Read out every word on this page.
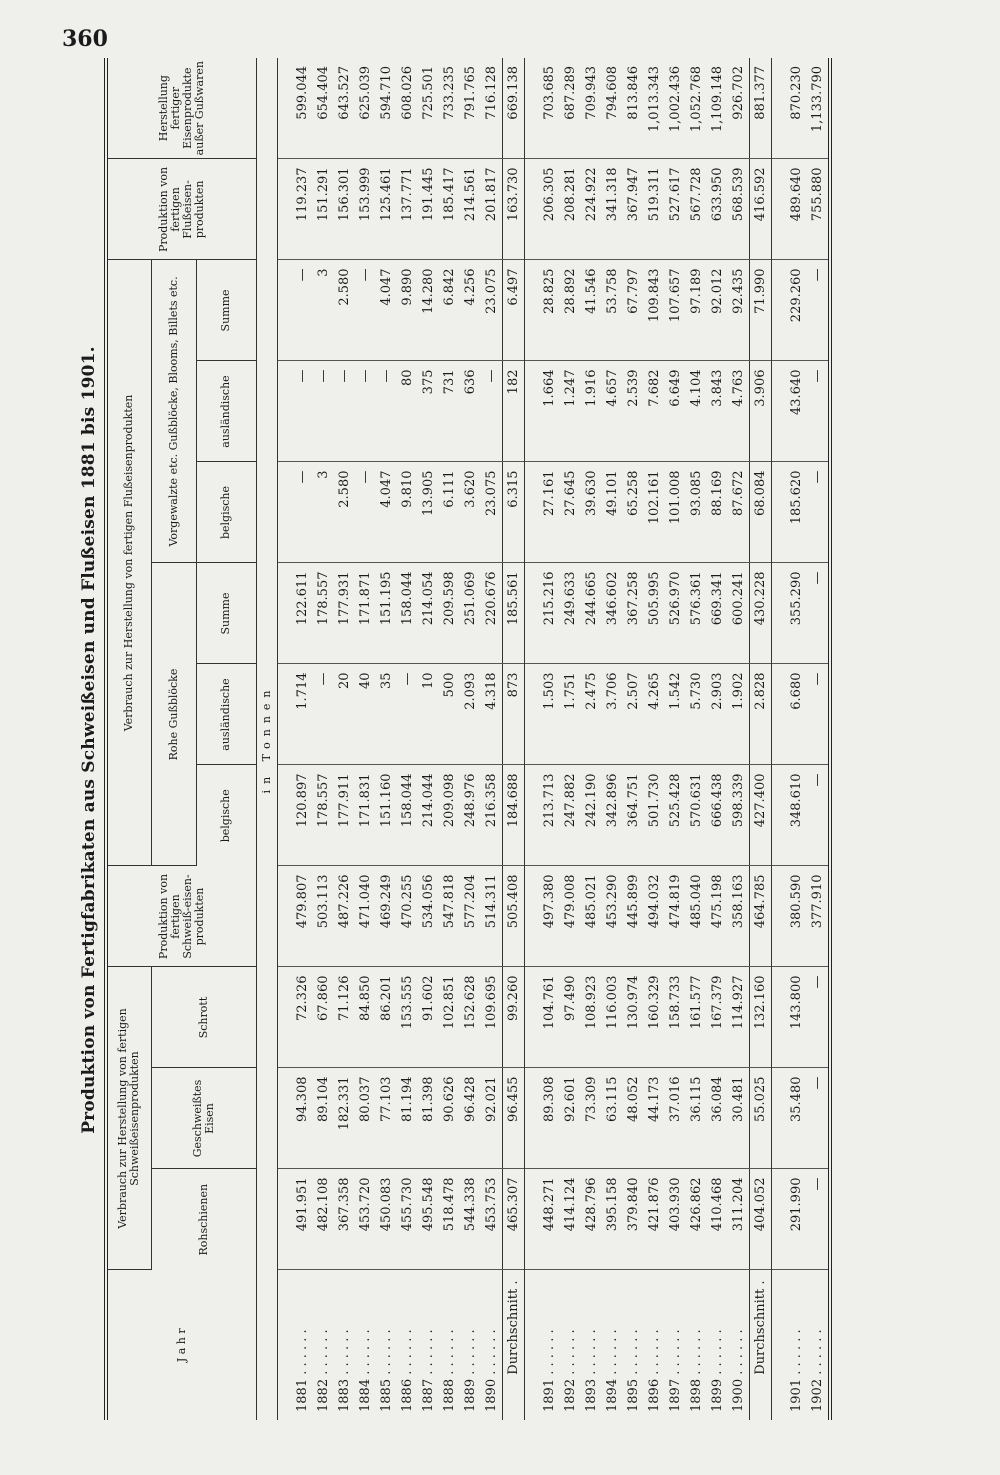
360
Produktion von Fertigfabrikaten aus Schweißeisen und Flußeisen 1881 bis 1901.
J a h r	Verbrauch zur Herstellung von fertigen Schweißeisenprodukten			Produktion von fertigen Schweiß-eisen-produkten	Verbrauch zur Herstellung von fertigen Flußeisenprodukten						Produktion von fertigen Flußeisen-produkten	Herstellung fertiger Eisenprodukte außer Gußwaren
	Rohschienen	Geschweißtes Eisen	Schrott		Rohe Gußblöcke			Vorgewalzte etc. Gußblöcke, Blooms, Billets etc.				
					belgische	ausländische	Summe	belgische	ausländische	Summe		
in Tonnen												

1881 . . . . . .	491.951	94.308	72.326	479.807	120.897	1.714	122.611	—	—	—	119.237	599.044
1882 . . . . . .	482.108	89.104	67.860	503.113	178.557	—	178.557	3	—	3	151.291	654.404
1883 . . . . . .	367.358	182.331	71.126	487.226	177.911	20	177.931	2.580	—	2.580	156.301	643.527
1884 . . . . . .	453.720	80.037	84.850	471.040	171.831	40	171.871	—	—	—	153.999	625.039
1885 . . . . . .	450.083	77.103	86.201	469.249	151.160	35	151.195	4.047	—	4.047	125.461	594.710
1886 . . . . . .	455.730	81.194	153.555	470.255	158.044	—	158.044	9.810	80	9.890	137.771	608.026
1887 . . . . . .	495.548	81.398	91.602	534.056	214.044	10	214.054	13.905	375	14.280	191.445	725.501
1888 . . . . . .	518.478	90.626	102.851	547.818	209.098	500	209.598	6.111	731	6.842	185.417	733.235
1889 . . . . . .	544.338	96.428	152.628	577.204	248.976	2.093	251.069	3.620	636	4.256	214.561	791.765
1890 . . . . . .	453.753	92.021	109.695	514.311	216.358	4.318	220.676	23.075	—	23.075	201.817	716.128
Durchschnitt .	465.307	96.455	99.260	505.408	184.688	873	185.561	6.315	182	6.497	163.730	669.138

1891 . . . . . .	448.271	89.308	104.761	497.380	213.713	1.503	215.216	27.161	1.664	28.825	206.305	703.685
1892 . . . . . .	414.124	92.601	97.490	479.008	247.882	1.751	249.633	27.645	1.247	28.892	208.281	687.289
1893 . . . . . .	428.796	73.309	108.923	485.021	242.190	2.475	244.665	39.630	1.916	41.546	224.922	709.943
1894 . . . . . .	395.158	63.115	116.003	453.290	342.896	3.706	346.602	49.101	4.657	53.758	341.318	794.608
1895 . . . . . .	379.840	48.052	130.974	445.899	364.751	2.507	367.258	65.258	2.539	67.797	367.947	813.846
1896 . . . . . .	421.876	44.173	160.329	494.032	501.730	4.265	505.995	102.161	7.682	109.843	519.311	1,013.343
1897 . . . . . .	403.930	37.016	158.733	474.819	525.428	1.542	526.970	101.008	6.649	107.657	527.617	1,002.436
1898 . . . . . .	426.862	36.115	161.577	485.040	570.631	5.730	576.361	93.085	4.104	97.189	567.728	1,052.768
1899 . . . . . .	410.468	36.084	167.379	475.198	666.438	2.903	669.341	88.169	3.843	92.012	633.950	1,109.148
1900 . . . . . .	311.204	30.481	114.927	358.163	598.339	1.902	600.241	87.672	4.763	92.435	568.539	926.702
Durchschnitt .	404.052	55.025	132.160	464.785	427.400	2.828	430.228	68.084	3.906	71.990	416.592	881.377

1901 . . . . . .	291.990	35.480	143.800	380.590	348.610	6.680	355.290	185.620	43.640	229.260	489.640	870.230
1902 . . . . . .	—	—	—	377.910	—	—	—	—	—	—	755.880	1,133.790
